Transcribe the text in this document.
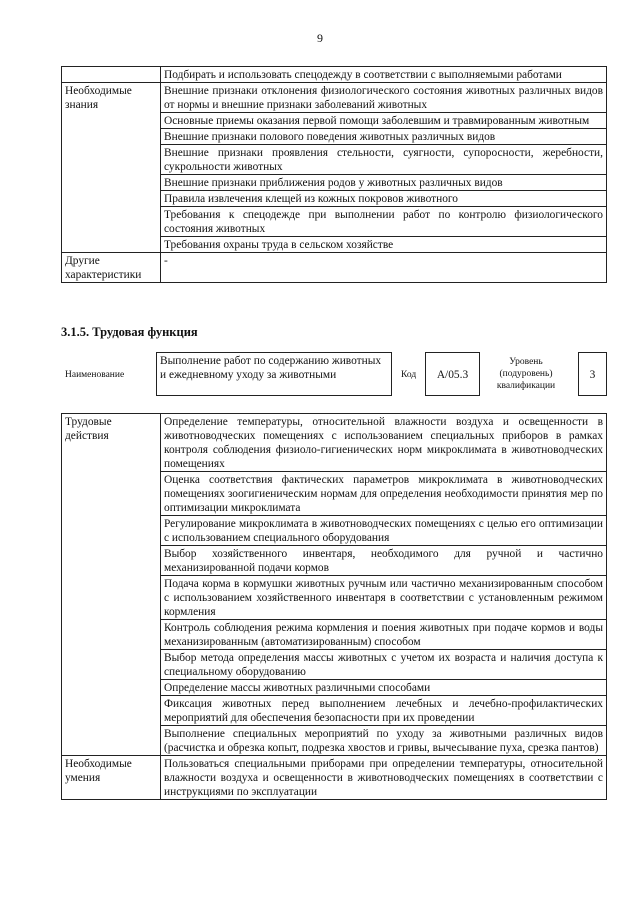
9
	Подбирать и использовать спецодежду в соответствии с выполняемыми работами
Необходимые знания	Внешние признаки отклонения физиологического состояния животных различных видов от нормы и внешние признаки заболеваний животных
	Основные приемы оказания первой помощи заболевшим и травмированным животным
	Внешние признаки полового поведения животных различных видов
	Внешние признаки проявления стельности, суягности, супоросности, жеребности, сукрольности животных
	Внешние признаки приближения родов у животных различных видов
	Правила извлечения клещей из кожных покровов животного
	Требования к спецодежде при выполнении работ по контролю физиологического состояния животных
	Требования охраны труда в сельском хозяйстве
Другие характеристики	-
3.1.5. Трудовая функция
Наименование
Выполнение работ по содержанию животных и ежедневному уходу за животными	Код	A/05.3
Уровень (подуровень) квалификации
3
Трудовые действия	Определение температуры, относительной влажности воздуха и освещенности в животноводческих помещениях с использованием специальных приборов в рамках контроля соблюдения физиоло-гигиенических норм микроклимата в животноводческих помещениях
	Оценка соответствия фактических параметров микроклимата в животноводческих помещениях зоогигиеническим нормам для определения необходимости принятия мер по оптимизации микроклимата
	Регулирование микроклимата в животноводческих помещениях с целью его оптимизации с использованием специального оборудования
	Выбор хозяйственного инвентаря, необходимого для ручной и частично механизированной подачи кормов
	Подача корма в кормушки животных ручным или частично механизированным способом с использованием хозяйственного инвентаря в соответствии с установленным режимом кормления
	Контроль соблюдения режима кормления и поения животных при подаче кормов и воды механизированным (автоматизированным) способом
	Выбор метода определения массы животных с учетом их возраста и наличия доступа к специальному оборудованию
	Определение массы животных различными способами
	Фиксация животных перед выполнением лечебных и лечебно-профилактических мероприятий для обеспечения безопасности при их проведении
	Выполнение специальных мероприятий по уходу за животными различных видов (расчистка и обрезка копыт, подрезка хвостов и гривы, вычесывание пуха, срезка пантов)
Необходимые умения	Пользоваться специальными приборами при определении температуры, относительной влажности воздуха и освещенности в животноводческих помещениях в соответствии с инструкциями по эксплуатации
